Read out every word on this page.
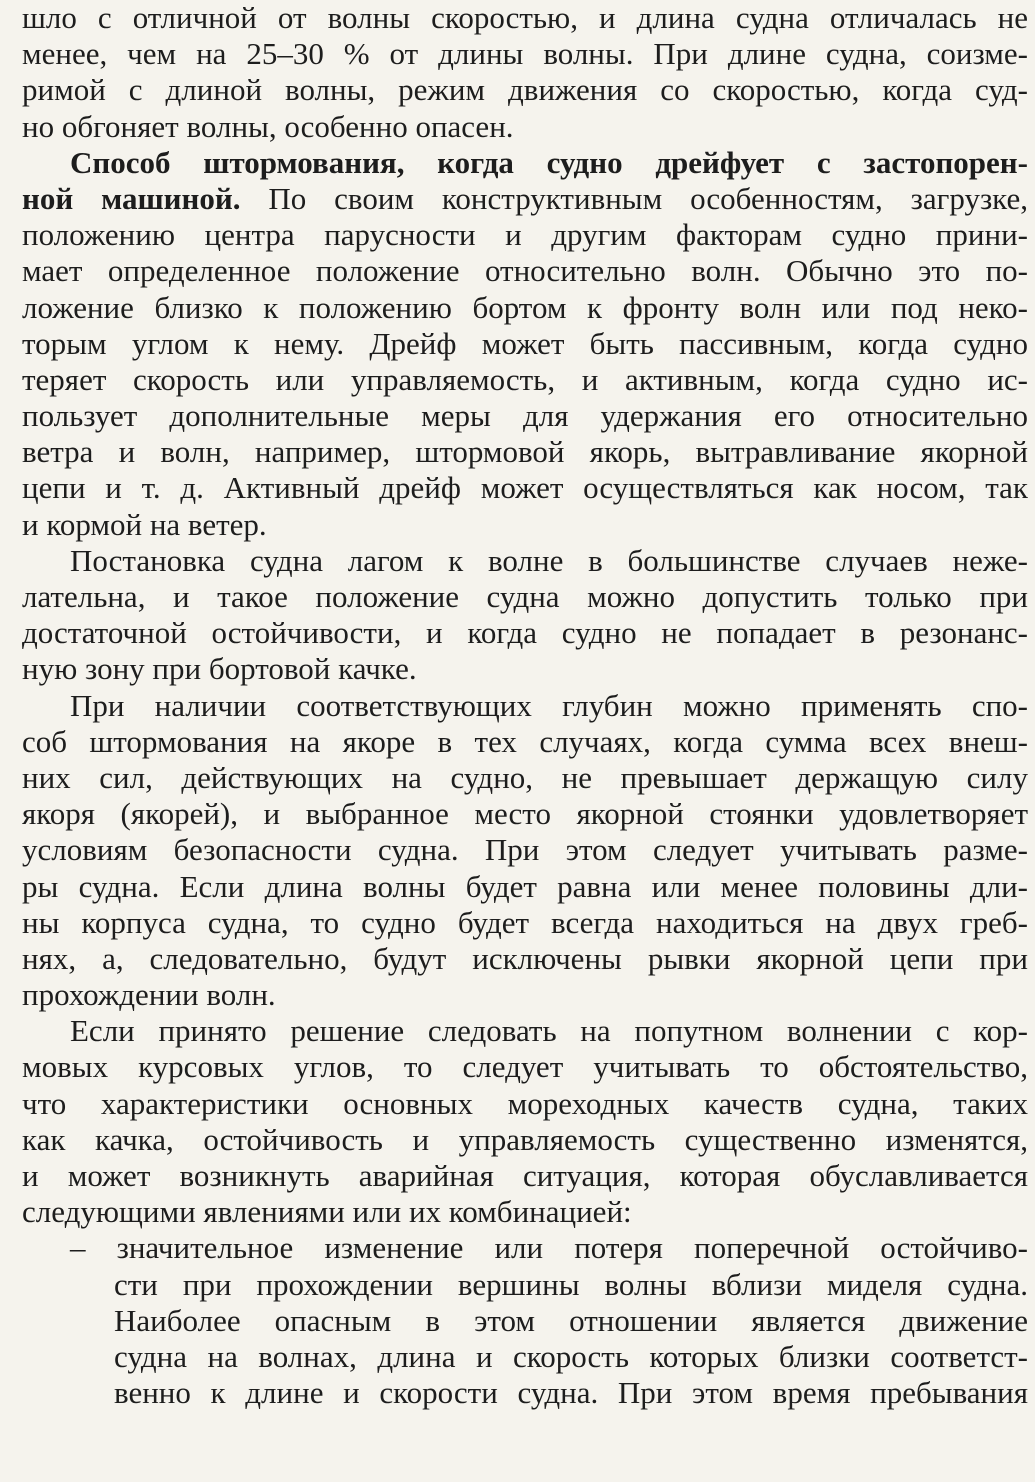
шло с отличной от волны скоростью, и длина судна отличалась не
менее, чем на 25–30 % от длины волны. При длине судна, соизме-
римой с длиной волны, режим движения со скоростью, когда суд-
но обгоняет волны, особенно опасен.
Способ штормования, когда судно дрейфует с застопорен-
ной машиной. По своим конструктивным особенностям, загрузке,
положению центра парусности и другим факторам судно прини-
мает определенное положение относительно волн. Обычно это по-
ложение близко к положению бортом к фронту волн или под неко-
торым углом к нему. Дрейф может быть пассивным, когда судно
теряет скорость или управляемость, и активным, когда судно ис-
пользует дополнительные меры для удержания его относительно
ветра и волн, например, штормовой якорь, вытравливание якорной
цепи и т. д. Активный дрейф может осуществляться как носом, так
и кормой на ветер.
Постановка судна лагом к волне в большинстве случаев неже-
лательна, и такое положение судна можно допустить только при
достаточной остойчивости, и когда судно не попадает в резонанс-
ную зону при бортовой качке.
При наличии соответствующих глубин можно применять спо-
соб штормования на якоре в тех случаях, когда сумма всех внеш-
них сил, действующих на судно, не превышает держащую силу
якоря (якорей), и выбранное место якорной стоянки удовлетворяет
условиям безопасности судна. При этом следует учитывать разме-
ры судна. Если длина волны будет равна или менее половины дли-
ны корпуса судна, то судно будет всегда находиться на двух греб-
нях, а, следовательно, будут исключены рывки якорной цепи при
прохождении волн.
Если принято решение следовать на попутном волнении с кор-
мовых курсовых углов, то следует учитывать то обстоятельство,
что характеристики основных мореходных качеств судна, таких
как качка, остойчивость и управляемость существенно изменятся,
и может возникнуть аварийная ситуация, которая обуславливается
следующими явлениями или их комбинацией:
– значительное изменение или потеря поперечной остойчиво-
сти при прохождении вершины волны вблизи миделя судна.
Наиболее опасным в этом отношении является движение
судна на волнах, длина и скорость которых близки соответст-
венно к длине и скорости судна. При этом время пребывания
